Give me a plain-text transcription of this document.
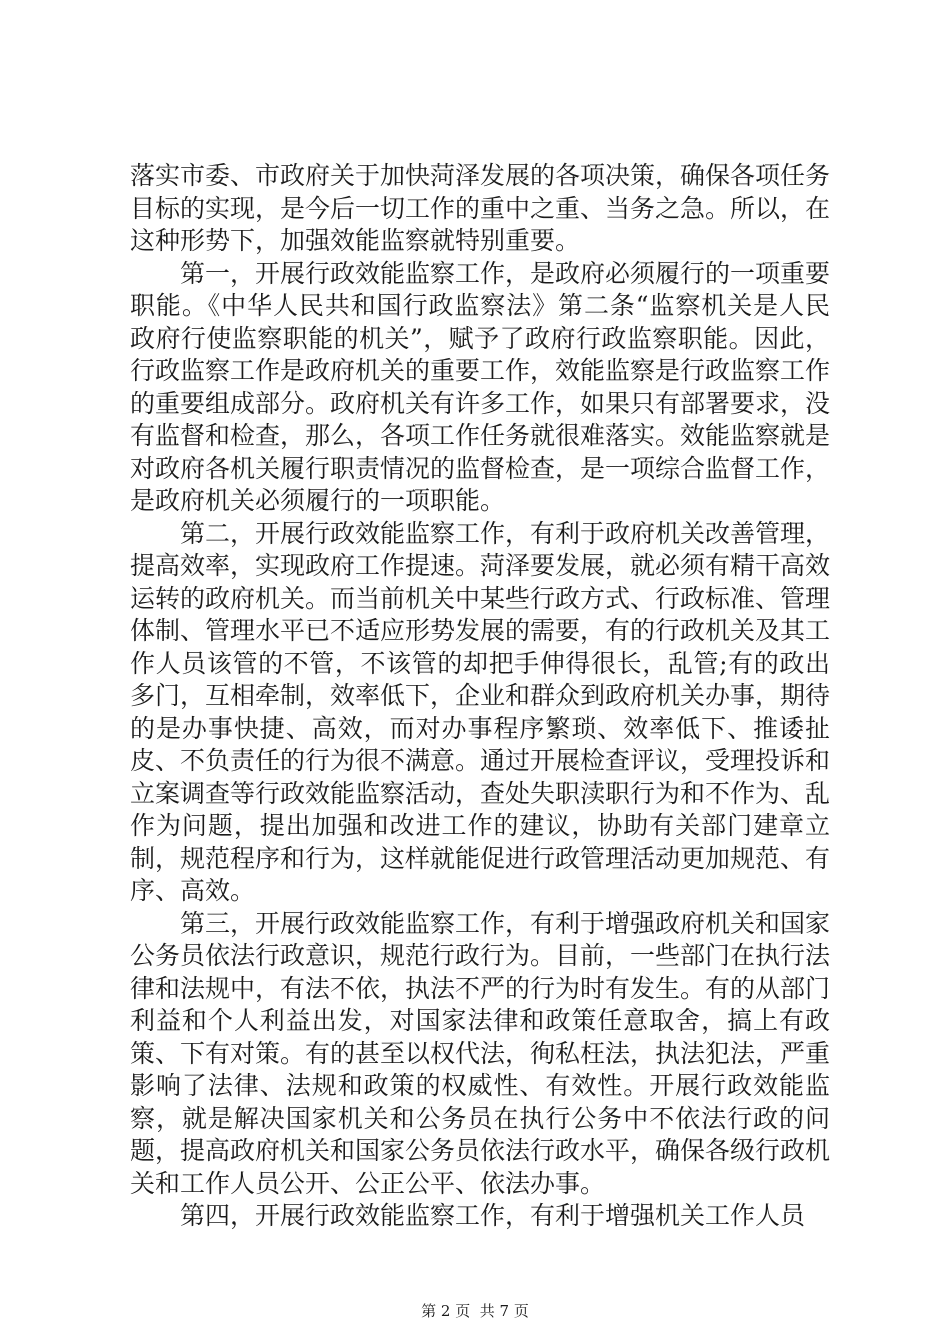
落实市委、市政府关于加快菏泽发展的各项决策，确保各项任务目标的实现，是今后一切工作的重中之重、当务之急。所以，在这种形势下，加强效能监察就特别重要。

第一，开展行政效能监察工作，是政府必须履行的一项重要职能。《中华人民共和国行政监察法》第二条“监察机关是人民政府行使监察职能的机关”，赋予了政府行政监察职能。因此，行政监察工作是政府机关的重要工作，效能监察是行政监察工作的重要组成部分。政府机关有许多工作，如果只有部署要求，没有监督和检查，那么，各项工作任务就很难落实。效能监察就是对政府各机关履行职责情况的监督检查，是一项综合监督工作，是政府机关必须履行的一项职能。

第二，开展行政效能监察工作，有利于政府机关改善管理，提高效率，实现政府工作提速。菏泽要发展，就必须有精干高效运转的政府机关。而当前机关中某些行政方式、行政标准、管理体制、管理水平已不适应形势发展的需要，有的行政机关及其工作人员该管的不管，不该管的却把手伸得很长，乱管;有的政出多门，互相牵制，效率低下，企业和群众到政府机关办事，期待的是办事快捷、高效，而对办事程序繁琐、效率低下、推诿扯皮、不负责任的行为很不满意。通过开展检查评议，受理投诉和立案调查等行政效能监察活动，查处失职渎职行为和不作为、乱作为问题，提出加强和改进工作的建议，协助有关部门建章立制，规范程序和行为，这样就能促进行政管理活动更加规范、有序、高效。

第三，开展行政效能监察工作，有利于增强政府机关和国家公务员依法行政意识，规范行政行为。目前，一些部门在执行法律和法规中，有法不依，执法不严的行为时有发生。有的从部门利益和个人利益出发，对国家法律和政策任意取舍，搞上有政策、下有对策。有的甚至以权代法，徇私枉法，执法犯法，严重影响了法律、法规和政策的权威性、有效性。开展行政效能监察，就是解决国家机关和公务员在执行公务中不依法行政的问题，提高政府机关和国家公务员依法行政水平，确保各级行政机关和工作人员公开、公正公平、依法办事。

第四，开展行政效能监察工作，有利于增强机关工作人员

第 2 页  共 7 页
